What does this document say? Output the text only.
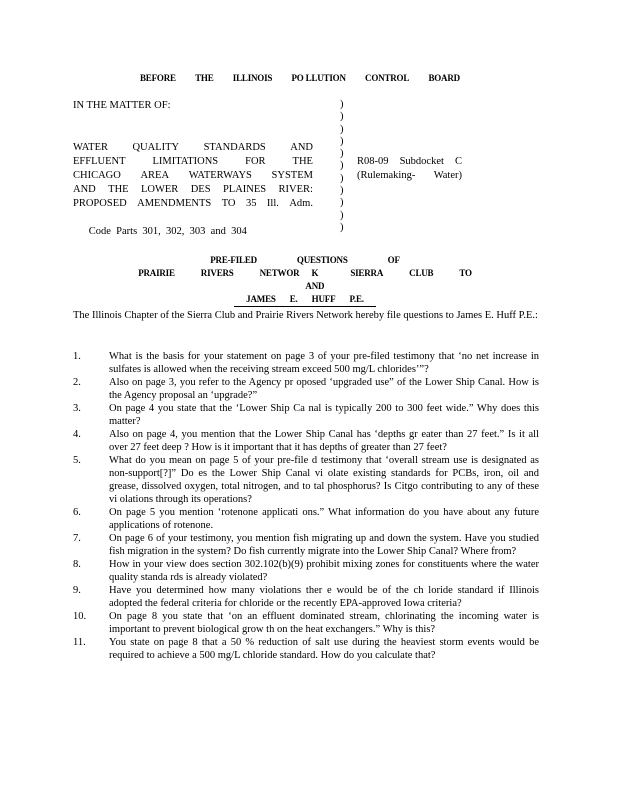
BEFORE THE ILLINOIS PO LLUTION CONTROL BOARD
IN THE MATTER OF:
WATER QUALITY STANDARDS AND
EFFLUENT	LIMITATIONS	FOR	THE
CHICAGO AREA WATERWAYS SYSTEM
AND THE LOWER DES PLAINES RIVER:
PROPOSED AMENDMENTS TO 35 Ill. Adm.

Code  Parts  301,  302,  303  and  304

)
)
)
)
)
)
)
)
)
)
)
R08-09 Subdocket C
(Rulemaking- Water)
PRE-FILED	QUESTIONS	OF
PRAIRIE	RIVERS	NETWOR	K AND
SIERRA	CLUB	TO
JAMES E. HUFF P.E.
The Illinois Chapter of the Sierra Club and Prairie Rivers Network hereby file questions to James E. Huff P.E.:
1.	What is the basis for your statement on page 3 of your pre-filed testimony that ‘no net increase in sulfates is allowed when the receiving stream exceed 500 mg/L chlorides’”?
2.	Also on page 3, you refer to the Agency pr oposed ‘upgraded use” of the Lower Ship Canal. How is the Agency proposal an ‘upgrade?”
3.	On page 4 you state that the ‘Lower Ship Ca nal is typically 200 to 300 feet wide.” Why does this matter?
4.	Also on page 4, you mention that the Lower Ship Canal has ‘depths gr eater than 27 feet.” Is it all over 27 feet deep ? How is it important that it has depths of greater than 27 feet?
5.	What do you mean on page 5 of your pre-file d testimony that ‘overall stream use is designated as non-support[?]” Do es the Lower Ship Canal vi olate existing standards for PCBs, iron, oil and grease, dissolved oxygen, total nitrogen, and to tal phosphorus? Is Citgo contributing to any of these vi olations through its operations?
6.	On page 5 you mention ‘rotenone applicati ons.” What information do you have about any future applications of rotenone.
7.	On page 6 of your testimony, you mention fish migrating up and down the system. Have you studied fish migration in the system? Do fish currently migrate into the Lower Ship Canal? Where from?
8.	How in your view does section 302.102(b)(9) prohibit mixing zones for constituents where the water quality standa rds is already violated?
9.	Have you determined how many violations ther e would be of the ch loride standard if Illinois adopted the federal criteria for chloride or the recently EPA-approved Iowa criteria?
10. On page 8 you state that ‘on an effluent dominated stream, chlorinating the incoming water is important to prevent biological grow th on the heat exchangers.” Why is this?
11. You state on page 8 that a 50 % reduction of salt use during the heaviest storm events would be required to achieve a 500 mg/L chloride standard. How do you calculate that?
